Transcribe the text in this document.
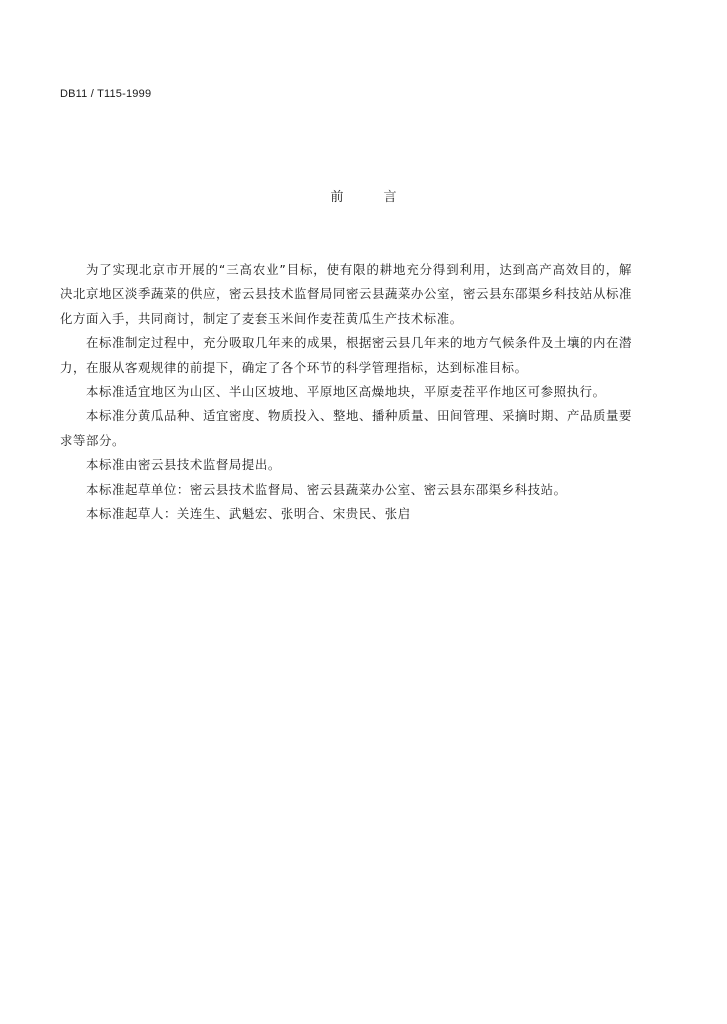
DB11 / T115-1999
前	言

为了实现北京市开展的“三高农业”目标，使有限的耕地充分得到利用，达到高产高效目的，解决北京地区淡季蔬菜的供应，密云县技术监督局同密云县蔬菜办公室，密云县东邵渠乡科技站从标准化方面入手，共同商讨，制定了麦套玉米间作麦茬黄瓜生产技术标准。

在标准制定过程中，充分吸取几年来的成果，根据密云县几年来的地方气候条件及土壤的内在潜力，在服从客观规律的前提下，确定了各个环节的科学管理指标，达到标准目标。

本标准适宜地区为山区、半山区坡地、平原地区高燥地块，平原麦茬平作地区可参照执行。

本标准分黄瓜品种、适宜密度、物质投入、整地、播种质量、田间管理、采摘时期、产品质量要求等部分。

本标准由密云县技术监督局提出。

本标准起草单位：密云县技术监督局、密云县蔬菜办公室、密云县东邵渠乡科技站。

本标准起草人：关连生、武魁宏、张明合、宋贵民、张启
